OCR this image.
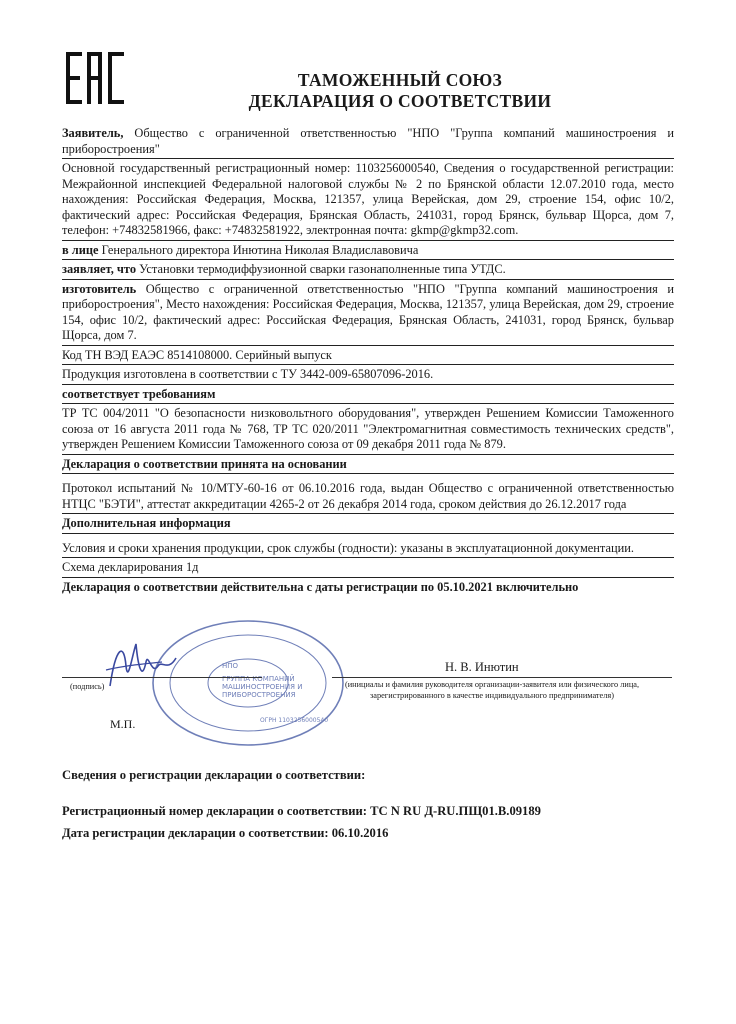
ТАМОЖЕННЫЙ СОЮЗ
ДЕКЛАРАЦИЯ О СООТВЕТСТВИИ
Заявитель, Общество с ограниченной ответственностью "НПО "Группа компаний машиностроения и приборостроения"
Основной государственный регистрационный номер: 1103256000540, Сведения о государственной регистрации: Межрайонной инспекцией Федеральной налоговой службы № 2 по Брянской области 12.07.2010 года, место нахождения: Российская Федерация, Москва, 121357, улица Верейская, дом 29, строение 154, офис 10/2, фактический адрес: Российская Федерация, Брянская Область, 241031, город Брянск, бульвар Щорса, дом 7, телефон: +74832581966, факс: +74832581922, электронная почта: gkmp@gkmp32.com.
в лице Генерального директора Инютина Николая Владиславовича
заявляет, что Установки термодиффузионной сварки газонаполненные типа УТДС.
изготовитель Общество с ограниченной ответственностью "НПО "Группа компаний машиностроения и приборостроения", Место нахождения: Российская Федерация, Москва, 121357, улица Верейская, дом 29, строение 154, офис 10/2, фактический адрес: Российская Федерация, Брянская Область, 241031, город Брянск, бульвар Щорса, дом 7.
Код ТН ВЭД ЕАЭС 8514108000. Серийный выпуск
Продукция изготовлена в соответствии с ТУ 3442-009-65807096-2016.
соответствует требованиям
ТР ТС 004/2011 "О безопасности низковольтного оборудования", утвержден Решением Комиссии Таможенного союза от 16 августа 2011 года № 768, ТР ТС 020/2011 "Электромагнитная совместимость технических средств", утвержден Решением Комиссии Таможенного союза от 09 декабря 2011 года № 879.
Декларация о соответствии принята на основании
Протокол испытаний № 10/МТУ-60-16 от 06.10.2016 года, выдан Общество с ограниченной ответственностью НТЦС "БЭТИ", аттестат аккредитации 4265-2 от 26 декабря 2014 года, сроком действия до 26.12.2017 года
Дополнительная информация
Условия и сроки хранения продукции, срок службы (годности): указаны в эксплуатационной документации.
Схема декларирования 1д
Декларация о соответствии действительна с даты регистрации по 05.10.2021 включительно
НПО
ГРУППА КОМПАНИЙ
МАШИНОСТРОЕНИЯ И
ПРИБОРОСТРОЕНИЯ
ОГРН 1103256000540
(подпись)
Н. В. Инютин
(инициалы и фамилия руководителя организации-заявителя или физического лица,
зарегистрированного в качестве индивидуального предпринимателя)
М.П.
Сведения о регистрации декларации о соответствии:
Регистрационный номер декларации о соответствии: ТС N RU Д-RU.ПЩ01.В.09189
Дата регистрации декларации о соответствии: 06.10.2016
